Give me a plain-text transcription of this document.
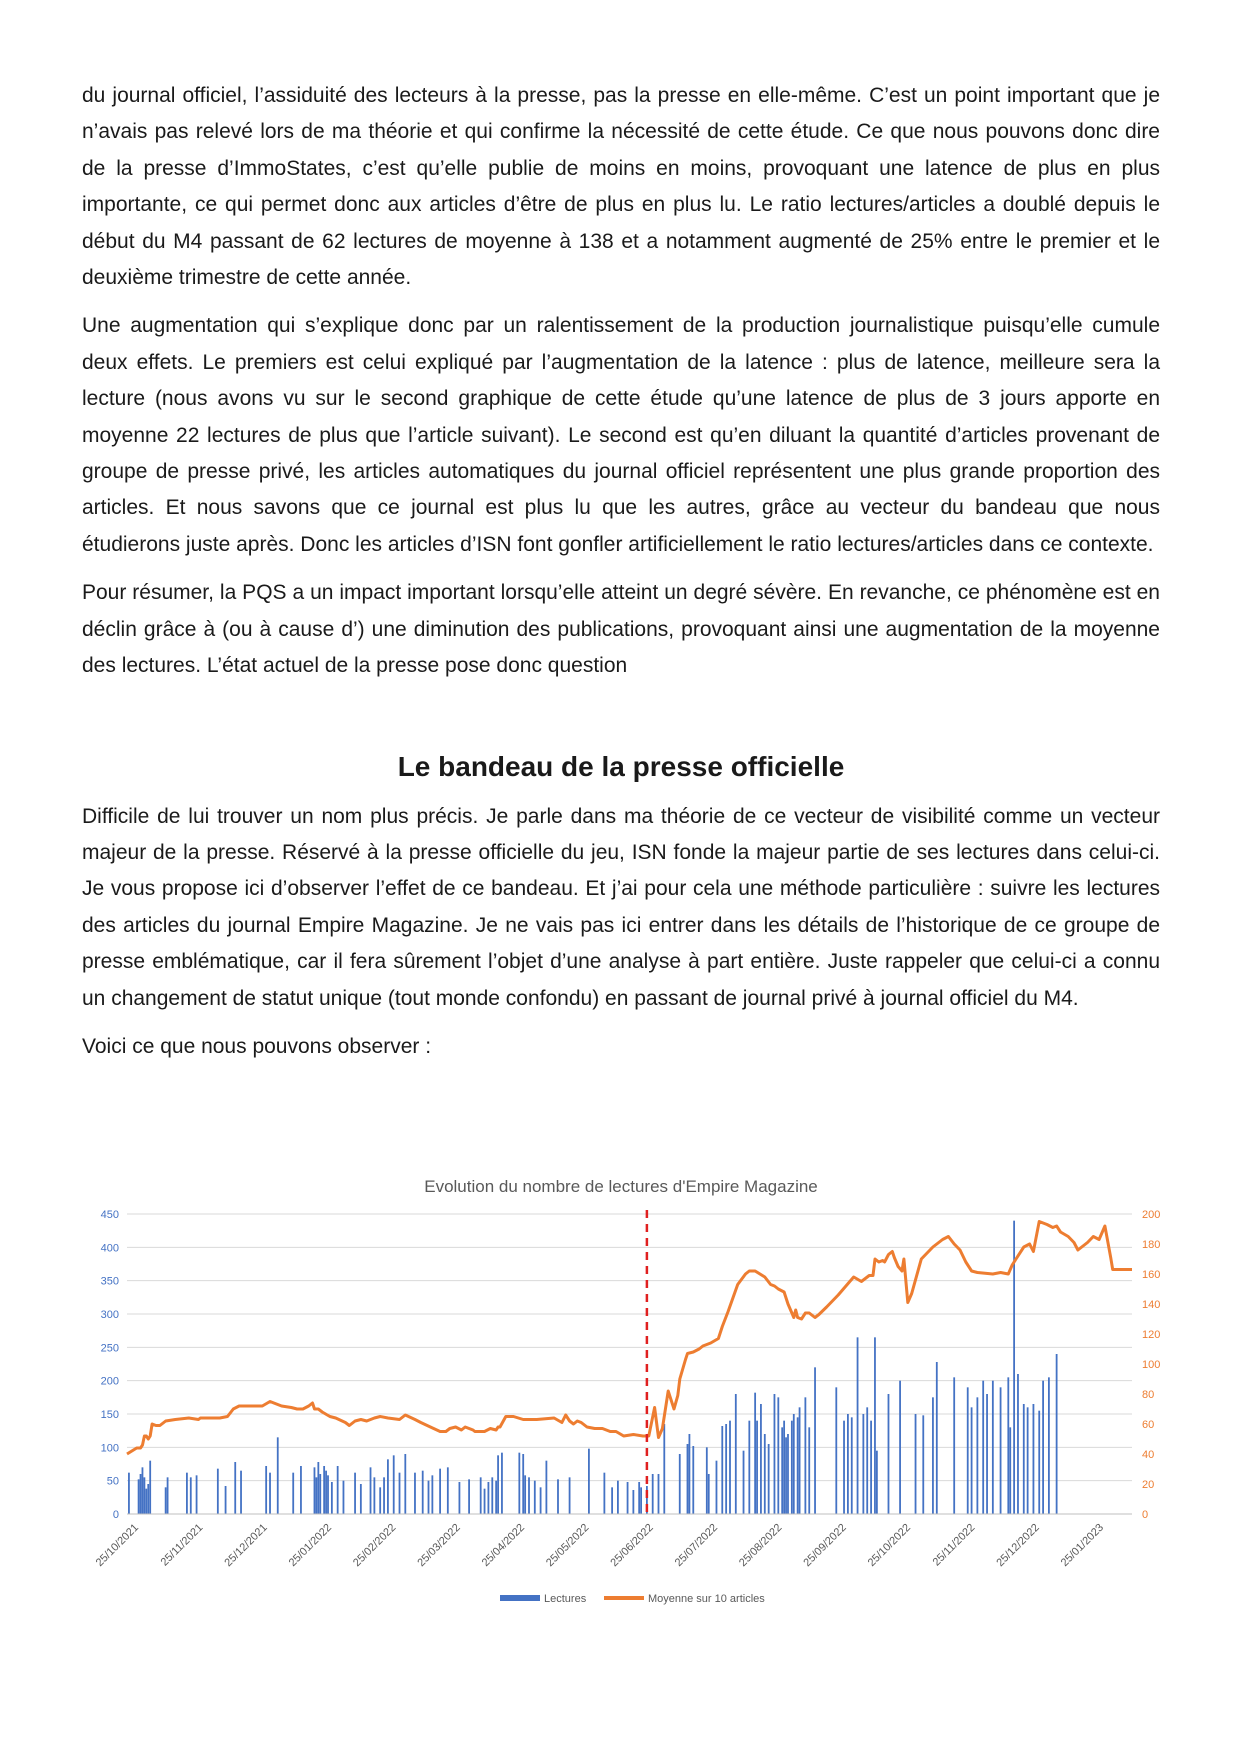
du journal officiel, l’assiduité des lecteurs à la presse, pas la presse en elle-même. C’est un point important que je n’avais pas relevé lors de ma théorie et qui confirme la nécessité de cette étude. Ce que nous pouvons donc dire de la presse d’ImmoStates, c’est qu’elle publie de moins en moins, provoquant une latence de plus en plus importante, ce qui permet donc aux articles d’être de plus en plus lu. Le ratio lectures/articles a doublé depuis le début du M4 passant de 62 lectures de moyenne à 138 et a notamment augmenté de 25% entre le premier et le deuxième trimestre de cette année.

Une augmentation qui s’explique donc par un ralentissement de la production journalistique puisqu’elle cumule deux effets. Le premiers est celui expliqué par l’augmentation de la latence : plus de latence, meilleure sera la lecture (nous avons vu sur le second graphique de cette étude qu’une latence de plus de 3 jours apporte en moyenne 22 lectures de plus que l’article suivant). Le second est qu’en diluant la quantité d’articles provenant de groupe de presse privé, les articles automatiques du journal officiel représentent une plus grande proportion des articles. Et nous savons que ce journal est plus lu que les autres, grâce au vecteur du bandeau que nous étudierons juste après. Donc les articles d’ISN font gonfler artificiellement le ratio lectures/articles dans ce contexte.

Pour résumer, la PQS a un impact important lorsqu’elle atteint un degré sévère. En revanche, ce phénomène est en déclin grâce à (ou à cause d’) une diminution des publications, provoquant ainsi une augmentation de la moyenne des lectures. L’état actuel de la presse pose donc question

Le bandeau de la presse officielle

Difficile de lui trouver un nom plus précis. Je parle dans ma théorie de ce vecteur de visibilité comme un vecteur majeur de la presse. Réservé à la presse officielle du jeu, ISN fonde la majeur partie de ses lectures dans celui-ci. Je vous propose ici d’observer l’effet de ce bandeau. Et j’ai pour cela une méthode particulière : suivre les lectures des articles du journal Empire Magazine. Je ne vais pas ici entrer dans les détails de l’historique de ce groupe de presse emblématique, car il fera sûrement l’objet d’une analyse à part entière. Juste rappeler que celui-ci a connu un changement de statut unique (tout monde confondu) en passant de journal privé à journal officiel du M4.

Voici ce que nous pouvons observer :

Evolution du nombre de lectures d'Empire Magazine
0
50
100
150
200
250
300
350
400
450
0
20
40
60
80
100
120
140
160
180
200
25/10/2021 25/11/2021 25/12/2021 25/01/2022 25/02/2022 25/03/2022 25/04/2022 25/05/2022 25/06/2022 25/07/2022 25/08/2022 25/09/2022 25/10/2022 25/11/2022 25/12/2022 25/01/2023
Lectures	Moyenne sur 10 articles
